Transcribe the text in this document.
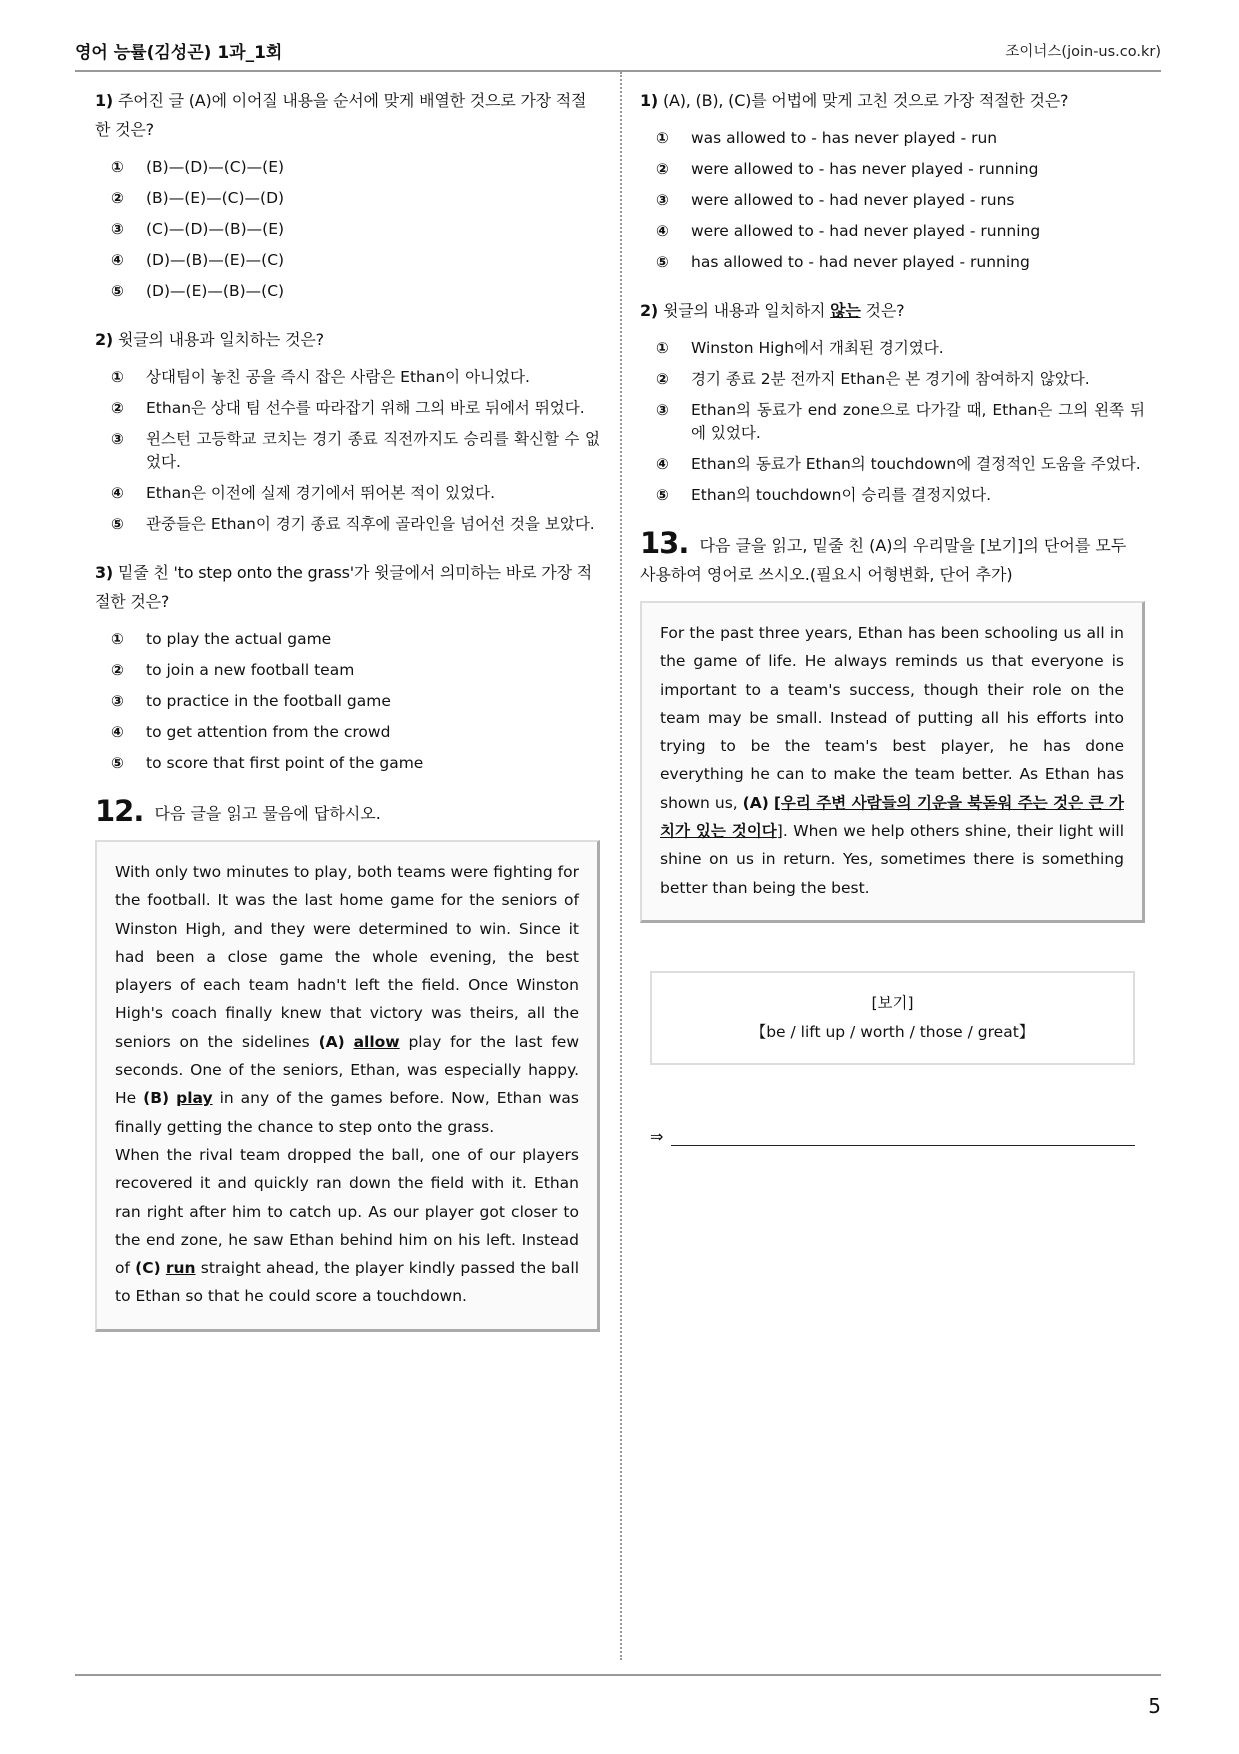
영어 능률(김성곤) 1과_1회	조이너스(join-us.co.kr)

1) 주어진 글 (A)에 이어질 내용을 순서에 맞게 배열한 것으로 가장 적절한 것은?

①	(B)—(D)—(C)—(E)
②	(B)—(E)—(C)—(D)
③	(C)—(D)—(B)—(E)
④	(D)—(B)—(E)—(C)
⑤	(D)—(E)—(B)—(C)

2) 윗글의 내용과 일치하는 것은?

①	상대팀이 놓친 공을 즉시 잡은 사람은 Ethan이 아니었다.
②	Ethan은 상대 팀 선수를 따라잡기 위해 그의 바로 뒤에서 뛰었다.
③	윈스턴 고등학교 코치는 경기 종료 직전까지도 승리를 확신할 수 없었다.
④	Ethan은 이전에 실제 경기에서 뛰어본 적이 있었다.
⑤	관중들은 Ethan이 경기 종료 직후에 골라인을 넘어선 것을 보았다.

3) 밑줄 친 'to step onto the grass'가 윗글에서 의미하는 바로 가장 적절한 것은?

①	to play the actual game
②	to join a new football team
③	to practice in the football game
④	to get attention from the crowd
⑤	to score that first point of the game

12. 다음 글을 읽고 물음에 답하시오.

With only two minutes to play, both teams were fighting for the football. It was the last home game for the seniors of Winston High, and they were determined to win. Since it had been a close game the whole evening, the best players of each team hadn't left the field. Once Winston High's coach finally knew that victory was theirs, all the seniors on the sidelines (A) allow play for the last few seconds. One of the seniors, Ethan, was especially happy. He (B) play in any of the games before. Now, Ethan was finally getting the chance to step onto the grass.
When the rival team dropped the ball, one of our players recovered it and quickly ran down the field with it. Ethan ran right after him to catch up. As our player got closer to the end zone, he saw Ethan behind him on his left. Instead of (C) run straight ahead, the player kindly passed the ball to Ethan so that he could score a touchdown.

1) (A), (B), (C)를 어법에 맞게 고친 것으로 가장 적절한 것은?

①	was allowed to - has never played - run
②	were allowed to - has never played - running
③	were allowed to - had never played - runs
④	were allowed to - had never played - running
⑤	has allowed to - had never played - running

2) 윗글의 내용과 일치하지 않는 것은?

①	Winston High에서 개최된 경기였다.
②	경기 종료 2분 전까지 Ethan은 본 경기에 참여하지 않았다.
③	Ethan의 동료가 end zone으로 다가갈 때, Ethan은 그의 왼쪽 뒤에 있었다.
④	Ethan의 동료가 Ethan의 touchdown에 결정적인 도움을 주었다.
⑤	Ethan의 touchdown이 승리를 결정지었다.

13. 다음 글을 읽고, 밑줄 친 (A)의 우리말을 [보기]의 단어를 모두 사용하여 영어로 쓰시오.(필요시 어형변화, 단어 추가)

For the past three years, Ethan has been schooling us all in the game of life. He always reminds us that everyone is important to a team's success, though their role on the team may be small. Instead of putting all his efforts into trying to be the team's best player, he has done everything he can to make the team better. As Ethan has shown us, (A) [우리 주변 사람들의 기운을 북돋워 주는 것은 큰 가치가 있는 것이다]. When we help others shine, their light will shine on us in return. Yes, sometimes there is something better than being the best.
[보기]
【be / lift up / worth / those / great】
⇒
5
